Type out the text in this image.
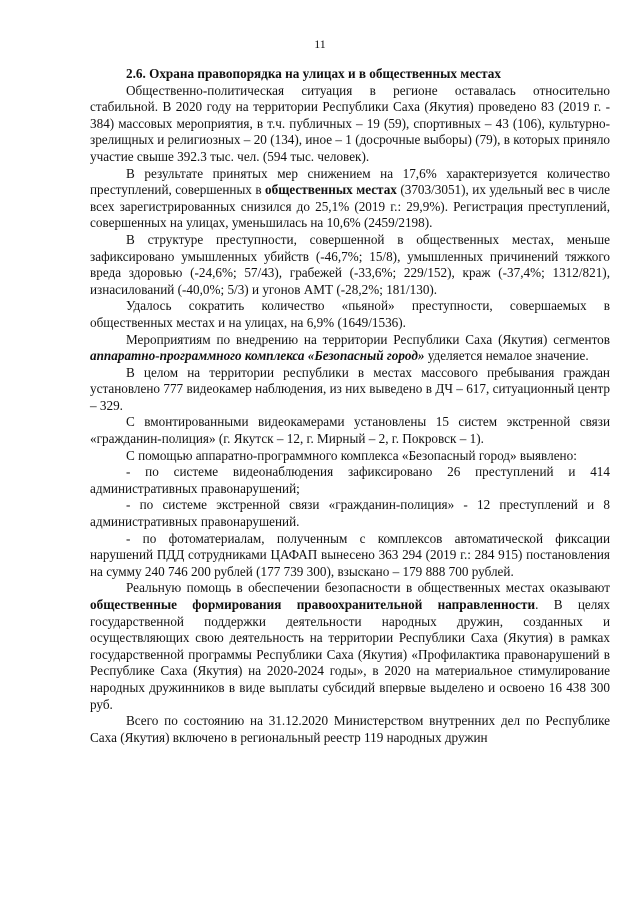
11

2.6. Охрана правопорядка на улицах и в общественных местах

Общественно-политическая ситуация в регионе оставалась относительно стабильной. В 2020 году на территории Республики Саха (Якутия) проведено 83 (2019 г. - 384) массовых мероприятия, в т.ч. публичных – 19 (59), спортивных – 43 (106), культурно-зрелищных и религиозных – 20 (134), иное – 1 (досрочные выборы) (79), в которых приняло участие свыше 392.3 тыс. чел. (594 тыс. человек).

В результате принятых мер снижением на 17,6% характеризуется количество преступлений, совершенных в общественных местах (3703/3051), их удельный вес в числе всех зарегистрированных снизился до 25,1% (2019 г.: 29,9%). Регистрация преступлений, совершенных на улицах, уменьшилась на 10,6% (2459/2198).

В структуре преступности, совершенной в общественных местах, меньше зафиксировано умышленных убийств (-46,7%; 15/8), умышленных причинений тяжкого вреда здоровью (-24,6%; 57/43), грабежей (-33,6%; 229/152), краж (-37,4%; 1312/821), изнасилований (-40,0%; 5/3) и угонов АМТ (-28,2%; 181/130).

Удалось сократить количество «пьяной» преступности, совершаемых в общественных местах и на улицах, на 6,9% (1649/1536).

Мероприятиям по внедрению на территории Республики Саха (Якутия) сегментов аппаратно-программного комплекса «Безопасный город» уделяется немалое значение.

В целом на территории республики в местах массового пребывания граждан установлено 777 видеокамер наблюдения, из них выведено в ДЧ – 617, ситуационный центр – 329.

С вмонтированными видеокамерами установлены 15 систем экстренной связи «гражданин-полиция» (г. Якутск – 12, г. Мирный – 2, г. Покровск – 1).

С помощью аппаратно-программного комплекса «Безопасный город» выявлено:

- по системе видеонаблюдения зафиксировано 26 преступлений и 414 административных правонарушений;

- по системе экстренной связи «гражданин-полиция» - 12 преступлений и 8 административных правонарушений.

- по фотоматериалам, полученным с комплексов автоматической фиксации нарушений ПДД сотрудниками ЦАФАП вынесено 363 294 (2019 г.: 284 915) постановления на сумму 240 746 200 рублей (177 739 300), взыскано – 179 888 700 рублей.

Реальную помощь в обеспечении безопасности в общественных местах оказывают общественные формирования правоохранительной направленности. В целях государственной поддержки деятельности народных дружин, созданных и осуществляющих свою деятельность на территории Республики Саха (Якутия) в рамках государственной программы Республики Саха (Якутия) «Профилактика правонарушений в Республике Саха (Якутия) на 2020-2024 годы», в 2020 на материальное стимулирование народных дружинников в виде выплаты субсидий впервые выделено и освоено 16 438 300 руб.

Всего по состоянию на 31.12.2020 Министерством внутренних дел по Республике Саха (Якутия) включено в региональный реестр 119 народных дружин
